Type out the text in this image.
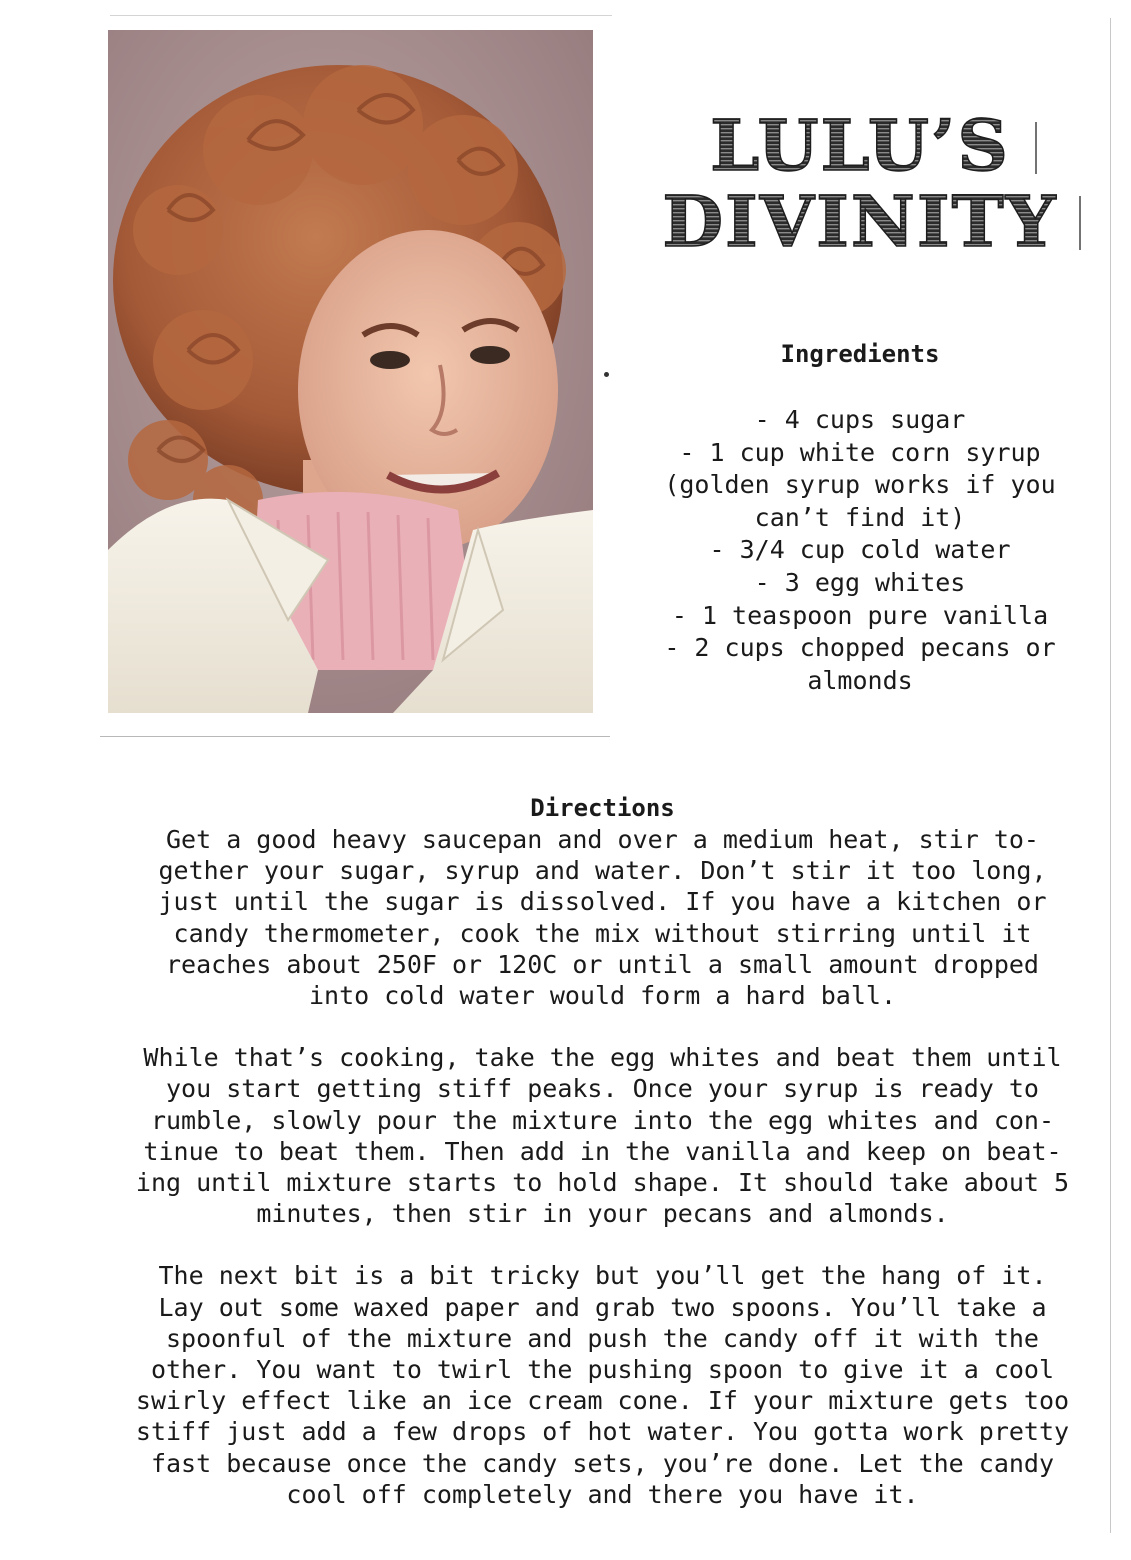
LULU’S
DIVINITY
Ingredients
- 4 cups sugar
- 1 cup white corn syrup
(golden syrup works if you
can’t find it)
- 3/4 cup cold water
- 3 egg whites
- 1 teaspoon pure vanilla
- 2 cups chopped pecans or
almonds
Directions

Get a good heavy saucepan and over a medium heat, stir to-
gether your sugar, syrup and water. Don’t stir it too long,
just until the sugar is dissolved. If you have a kitchen or
candy thermometer, cook the mix without stirring until it
reaches about 250F or 120C or until a small amount dropped
into cold water would form a hard ball.

While that’s cooking, take the egg whites and beat them until
you start getting stiff peaks. Once your syrup is ready to
rumble, slowly pour the mixture into the egg whites and con-
tinue to beat them. Then add in the vanilla and keep on beat-
ing until mixture starts to hold shape. It should take about 5
minutes, then stir in your pecans and almonds.

The next bit is a bit tricky but you’ll get the hang of it.
Lay out some waxed paper and grab two spoons. You’ll take a
spoonful of the mixture and push the candy off it with the
other. You want to twirl the pushing spoon to give it a cool
swirly effect like an ice cream cone. If your mixture gets too
stiff just add a few drops of hot water. You gotta work pretty
fast because once the candy sets, you’re done. Let the candy
cool off completely and there you have it.
